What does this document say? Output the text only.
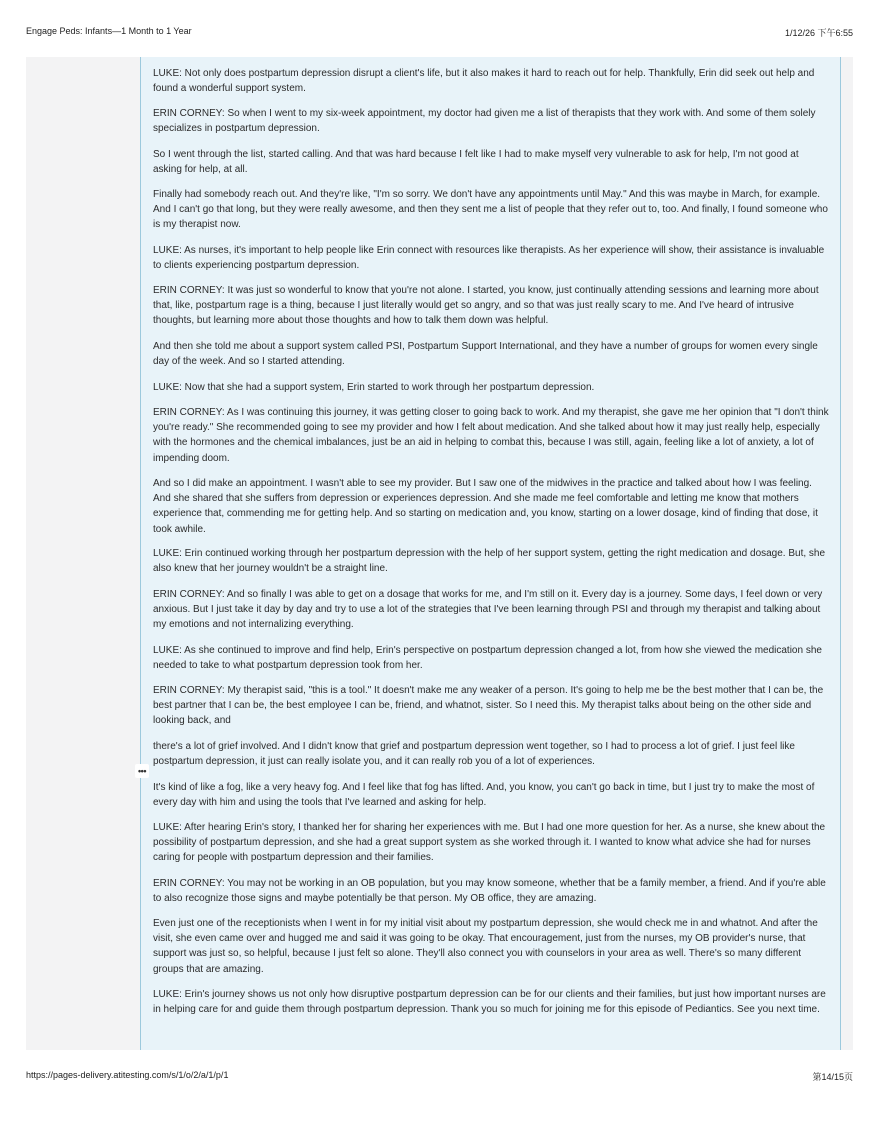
Engage Peds: Infants—1 Month to 1 Year	1/12/26 下午6:55

LUKE: Not only does postpartum depression disrupt a client's life, but it also makes it hard to reach out for help. Thankfully, Erin did seek out help and found a wonderful support system.

ERIN CORNEY: So when I went to my six-week appointment, my doctor had given me a list of therapists that they work with. And some of them solely specializes in postpartum depression.

So I went through the list, started calling. And that was hard because I felt like I had to make myself very vulnerable to ask for help, I'm not good at asking for help, at all.

Finally had somebody reach out. And they're like, "I'm so sorry. We don't have any appointments until May." And this was maybe in March, for example. And I can't go that long, but they were really awesome, and then they sent me a list of people that they refer out to, too. And finally, I found someone who is my therapist now.

LUKE: As nurses, it's important to help people like Erin connect with resources like therapists. As her experience will show, their assistance is invaluable to clients experiencing postpartum depression.

ERIN CORNEY: It was just so wonderful to know that you're not alone. I started, you know, just continually attending sessions and learning more about that, like, postpartum rage is a thing, because I just literally would get so angry, and so that was just really scary to me. And I've heard of intrusive thoughts, but learning more about those thoughts and how to talk them down was helpful.

And then she told me about a support system called PSI, Postpartum Support International, and they have a number of groups for women every single day of the week. And so I started attending.

LUKE: Now that she had a support system, Erin started to work through her postpartum depression.

ERIN CORNEY: As I was continuing this journey, it was getting closer to going back to work. And my therapist, she gave me her opinion that "I don't think you're ready." She recommended going to see my provider and how I felt about medication. And she talked about how it may just really help, especially with the hormones and the chemical imbalances, just be an aid in helping to combat this, because I was still, again, feeling like a lot of anxiety, a lot of impending doom.

And so I did make an appointment. I wasn't able to see my provider. But I saw one of the midwives in the practice and talked about how I was feeling. And she shared that she suffers from depression or experiences depression. And she made me feel comfortable and letting me know that mothers experience that, commending me for getting help. And so starting on medication and, you know, starting on a lower dosage, kind of finding that dose, it took awhile.

LUKE: Erin continued working through her postpartum depression with the help of her support system, getting the right medication and dosage. But, she also knew that her journey wouldn't be a straight line.

ERIN CORNEY: And so finally I was able to get on a dosage that works for me, and I'm still on it. Every day is a journey. Some days, I feel down or very anxious. But I just take it day by day and try to use a lot of the strategies that I've been learning through PSI and through my therapist and talking about my emotions and not internalizing everything.

LUKE: As she continued to improve and find help, Erin's perspective on postpartum depression changed a lot, from how she viewed the medication she needed to take to what postpartum depression took from her.

ERIN CORNEY: My therapist said, "this is a tool." It doesn't make me any weaker of a person. It's going to help me be the best mother that I can be, the best partner that I can be, the best employee I can be, friend, and whatnot, sister. So I need this. My therapist talks about being on the other side and looking back, and

there's a lot of grief involved. And I didn't know that grief and postpartum depression went together, so I had to process a lot of grief. I just feel like postpartum depression, it just can really isolate you, and it can really rob you of a lot of experiences.

It's kind of like a fog, like a very heavy fog. And I feel like that fog has lifted. And, you know, you can't go back in time, but I just try to make the most of every day with him and using the tools that I've learned and asking for help.

LUKE: After hearing Erin's story, I thanked her for sharing her experiences with me. But I had one more question for her. As a nurse, she knew about the possibility of postpartum depression, and she had a great support system as she worked through it. I wanted to know what advice she had for nurses caring for people with postpartum depression and their families.

ERIN CORNEY: You may not be working in an OB population, but you may know someone, whether that be a family member, a friend. And if you're able to also recognize those signs and maybe potentially be that person. My OB office, they are amazing.

Even just one of the receptionists when I went in for my initial visit about my postpartum depression, she would check me in and whatnot. And after the visit, she even came over and hugged me and said it was going to be okay. That encouragement, just from the nurses, my OB provider's nurse, that support was just so, so helpful, because I just felt so alone. They'll also connect you with counselors in your area as well. There's so many different groups that are amazing.

LUKE: Erin's journey shows us not only how disruptive postpartum depression can be for our clients and their families, but just how important nurses are in helping care for and guide them through postpartum depression. Thank you so much for joining me for this episode of Pediantics. See you next time.

•••
https://pages-delivery.atitesting.com/s/1/o/2/a/1/p/1	第14/15页
